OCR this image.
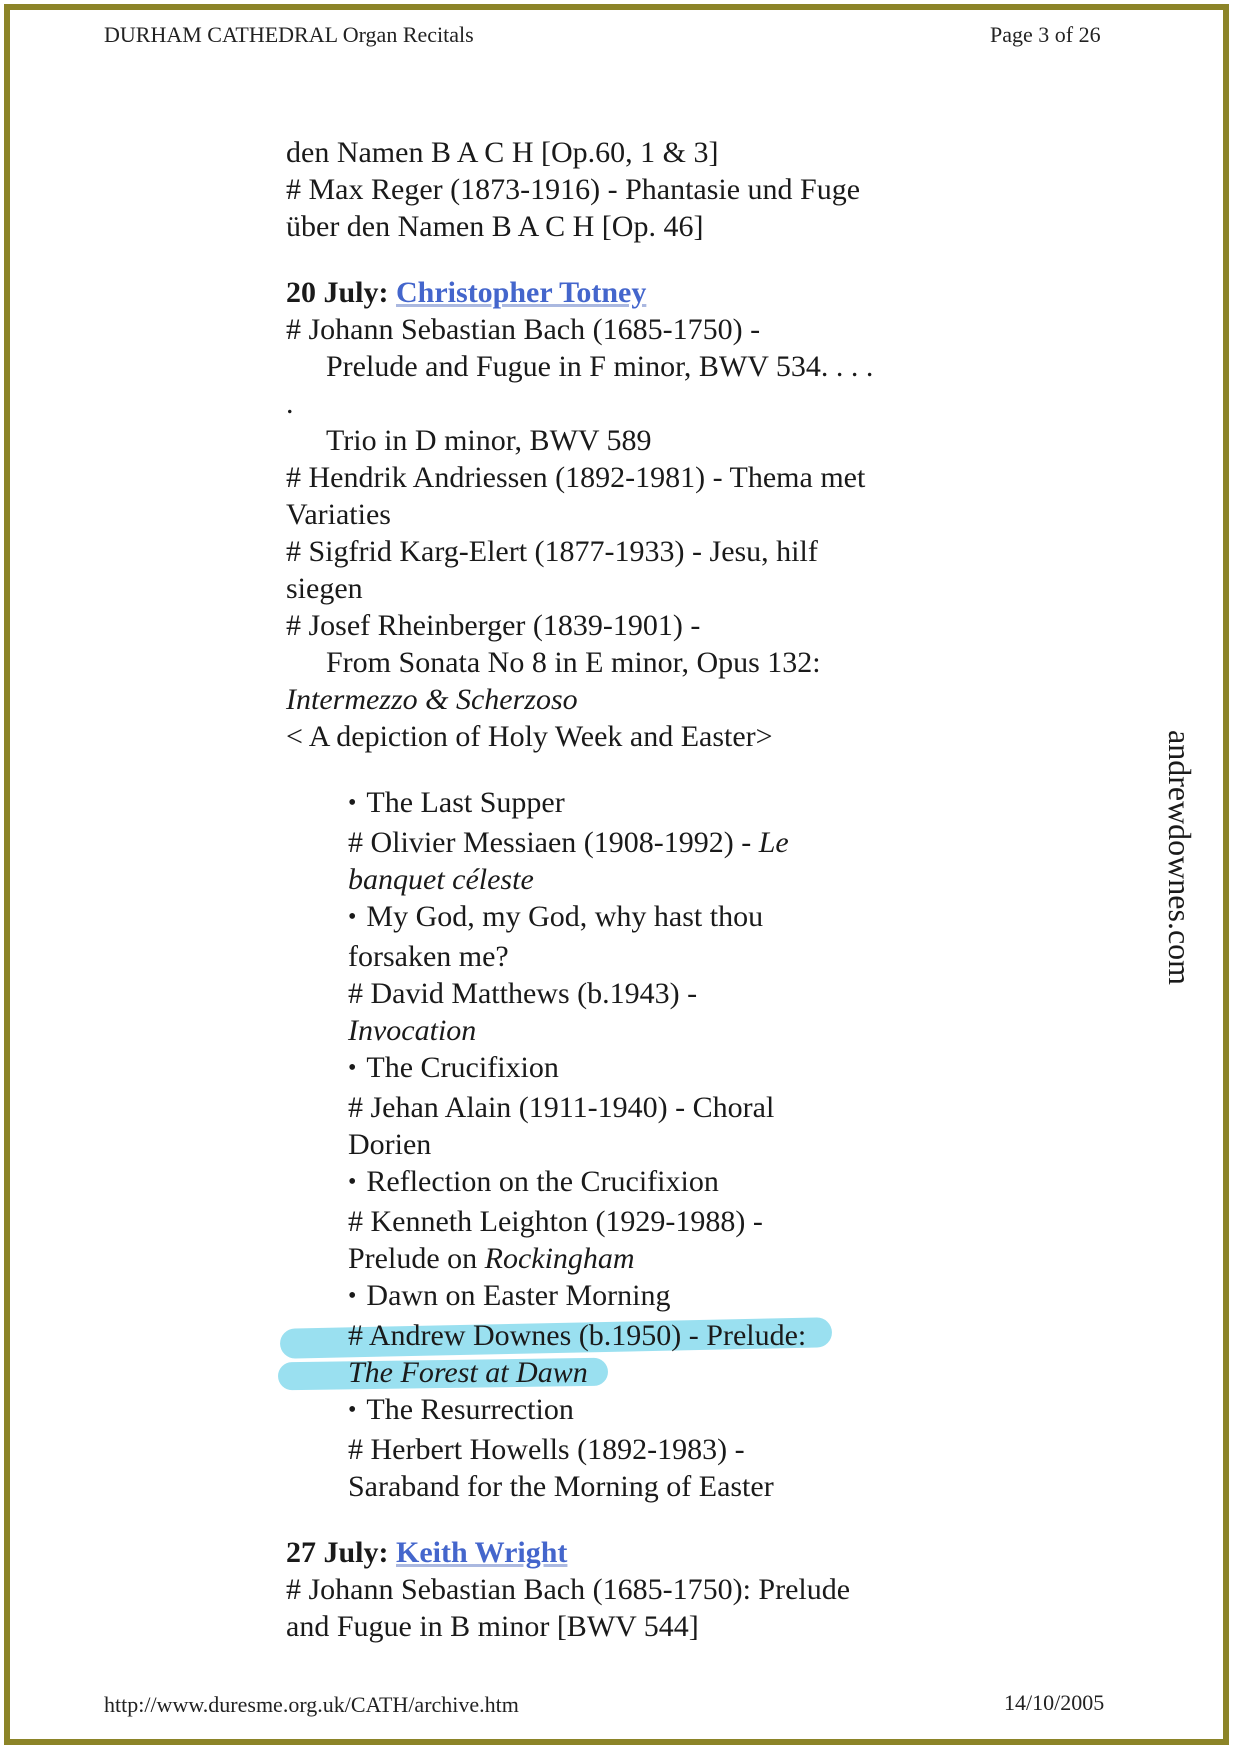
DURHAM CATHEDRAL Organ Recitals	Page 3 of 26

den Namen B A C H [Op.60, 1 & 3]

# Max Reger (1873-1916) - Phantasie und Fuge

über den Namen B A C H [Op. 46]

20 July: Christopher Totney

# Johann Sebastian Bach (1685-1750) -

Prelude and Fugue in F minor, BWV 534. . . .

.

Trio in D minor, BWV 589

# Hendrik Andriessen (1892-1981) - Thema met

Variaties

# Sigfrid Karg-Elert (1877-1933) - Jesu, hilf

siegen

# Josef Rheinberger (1839-1901) -

From Sonata No 8 in E minor, Opus 132:

Intermezzo & Scherzoso

< A depiction of Holy Week and Easter>

• The Last Supper

# Olivier Messiaen (1908-1992) - Le

banquet céleste

• My God, my God, why hast thou

forsaken me?

# David Matthews (b.1943) -

Invocation

• The Crucifixion

# Jehan Alain (1911-1940) - Choral

Dorien

• Reflection on the Crucifixion

# Kenneth Leighton (1929-1988) -

Prelude on Rockingham

• Dawn on Easter Morning

# Andrew Downes (b.1950) - Prelude:

The Forest at Dawn

• The Resurrection

# Herbert Howells (1892-1983) -

Saraband for the Morning of Easter

27 July: Keith Wright

# Johann Sebastian Bach (1685-1750): Prelude

and Fugue in B minor [BWV 544]

andrewdownes.com
http://www.duresme.org.uk/CATH/archive.htm	14/10/2005
